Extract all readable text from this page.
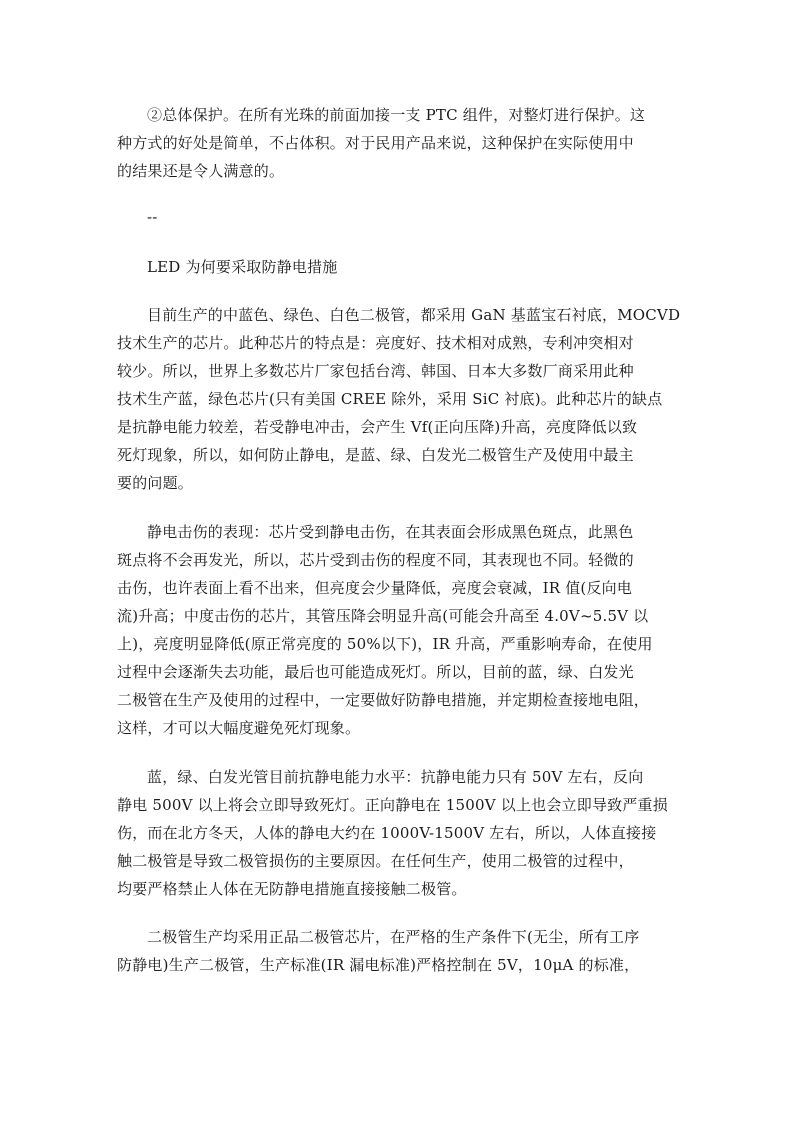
②总体保护。在所有光珠的前面加接一支 PTC 组件，对整灯进行保护。这
种方式的好处是简单，不占体积。对于民用产品来说，这种保护在实际使用中
的结果还是令人满意的。
--
LED 为何要采取防静电措施
目前生产的中蓝色、绿色、白色二极管，都采用 GaN 基蓝宝石衬底，MOCVD
技术生产的芯片。此种芯片的特点是：亮度好、技术相对成熟，专利冲突相对
较少。所以，世界上多数芯片厂家包括台湾、韩国、日本大多数厂商采用此种
技术生产蓝，绿色芯片(只有美国 CREE 除外，采用 SiC 衬底)。此种芯片的缺点
是抗静电能力较差，若受静电冲击，会产生 Vf(正向压降)升高，亮度降低以致
死灯现象，所以，如何防止静电，是蓝、绿、白发光二极管生产及使用中最主
要的问题。
静电击伤的表现：芯片受到静电击伤，在其表面会形成黑色斑点，此黑色
斑点将不会再发光，所以，芯片受到击伤的程度不同，其表现也不同。轻微的
击伤，也许表面上看不出来，但亮度会少量降低，亮度会衰减，IR 值(反向电
流)升高；中度击伤的芯片，其管压降会明显升高(可能会升高至 4.0V~5.5V 以
上)，亮度明显降低(原正常亮度的 50%以下)，IR 升高，严重影响寿命，在使用
过程中会逐渐失去功能，最后也可能造成死灯。所以，目前的蓝，绿、白发光
二极管在生产及使用的过程中，一定要做好防静电措施，并定期检查接地电阻，
这样，才可以大幅度避免死灯现象。
蓝，绿、白发光管目前抗静电能力水平：抗静电能力只有 50V 左右，反向
静电 500V 以上将会立即导致死灯。正向静电在 1500V 以上也会立即导致严重损
伤，而在北方冬天，人体的静电大约在 1000V-1500V 左右，所以，人体直接接
触二极管是导致二极管损伤的主要原因。在任何生产，使用二极管的过程中，
均要严格禁止人体在无防静电措施直接接触二极管。
二极管生产均采用正品二极管芯片，在严格的生产条件下(无尘，所有工序
防静电)生产二极管，生产标准(IR 漏电标准)严格控制在 5V，10μA 的标准，
